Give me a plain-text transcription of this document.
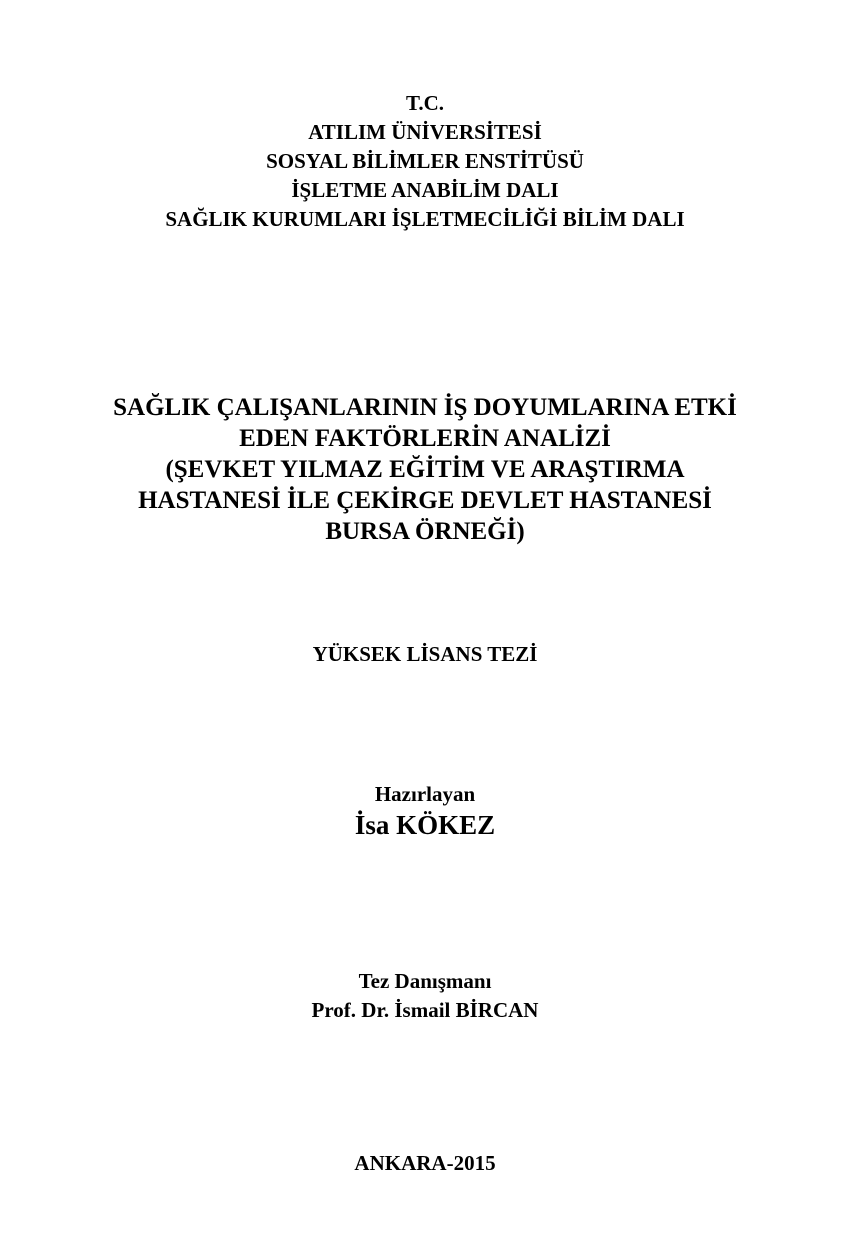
T.C.
ATILIM ÜNİVERSİTESİ
SOSYAL BİLİMLER ENSTİTÜSÜ
İŞLETME ANABİLİM DALI
SAĞLIK KURUMLARI İŞLETMECİLİĞİ BİLİM DALI
SAĞLIK ÇALIŞANLARININ İŞ DOYUMLARINA ETKİ
EDEN FAKTÖRLERİN ANALİZİ
(ŞEVKET YILMAZ EĞİTİM VE ARAŞTIRMA
HASTANESİ İLE ÇEKİRGE DEVLET HASTANESİ
BURSA ÖRNEĞİ)
YÜKSEK LİSANS TEZİ
Hazırlayan
İsa KÖKEZ
Tez Danışmanı
Prof. Dr. İsmail BİRCAN
ANKARA-2015
